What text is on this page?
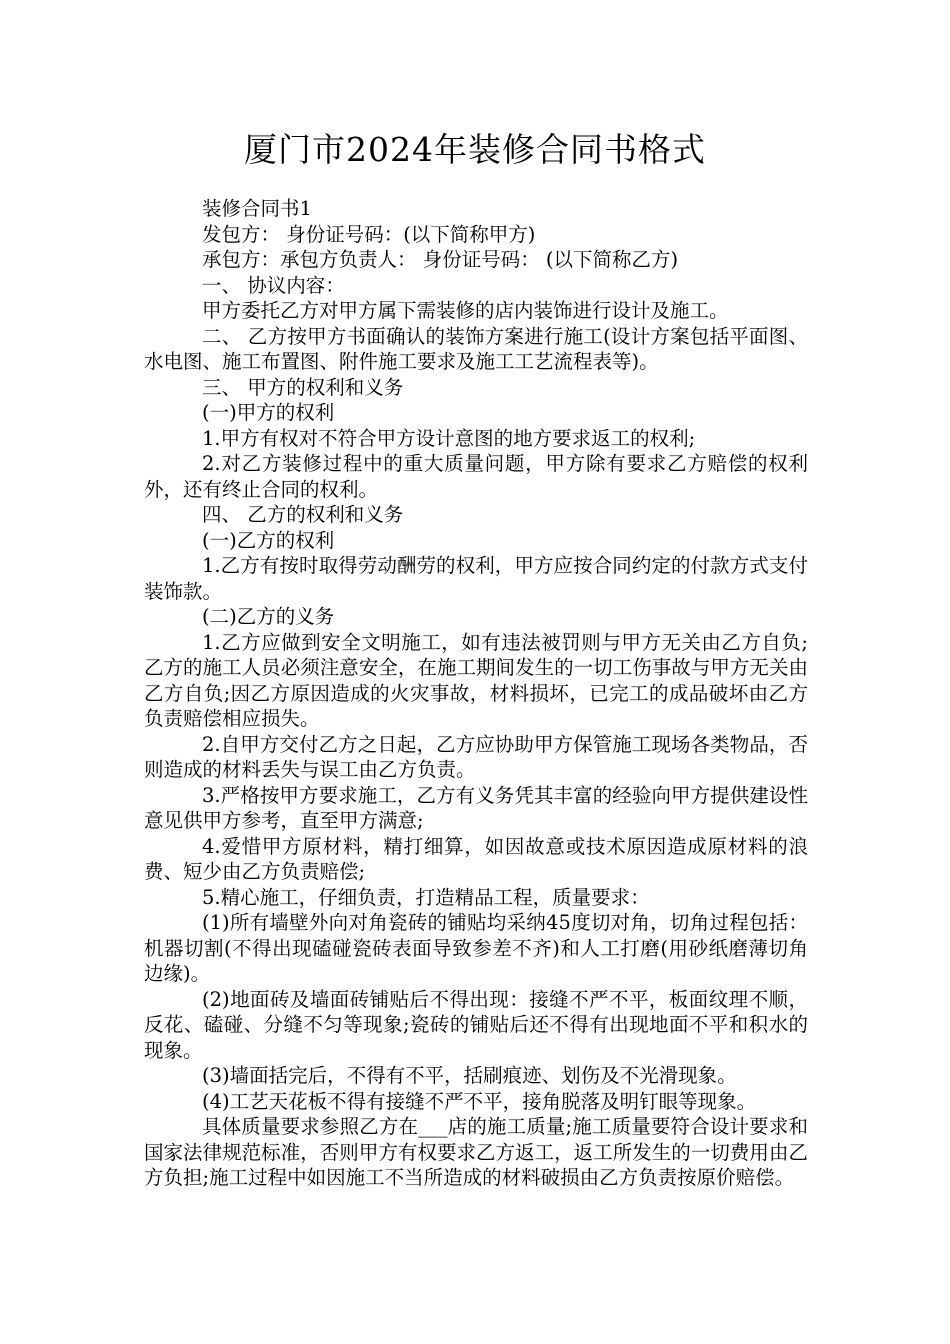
厦门市2024年装修合同书格式

装修合同书1

发包方： 身份证号码：(以下简称甲方)

承包方：承包方负责人： 身份证号码： (以下简称乙方)

一、 协议内容：

甲方委托乙方对甲方属下需装修的店内装饰进行设计及施工。

二、 乙方按甲方书面确认的装饰方案进行施工(设计方案包括平面图、水电图、施工布置图、附件施工要求及施工工艺流程表等)。

三、 甲方的权利和义务

(一)甲方的权利

1.甲方有权对不符合甲方设计意图的地方要求返工的权利;

2.对乙方装修过程中的重大质量问题，甲方除有要求乙方赔偿的权利外，还有终止合同的权利。

四、 乙方的权利和义务

(一)乙方的权利

1.乙方有按时取得劳动酬劳的权利，甲方应按合同约定的付款方式支付装饰款。

(二)乙方的义务

1.乙方应做到安全文明施工，如有违法被罚则与甲方无关由乙方自负;乙方的施工人员必须注意安全，在施工期间发生的一切工伤事故与甲方无关由乙方自负;因乙方原因造成的火灾事故，材料损坏，已完工的成品破坏由乙方负责赔偿相应损失。

2.自甲方交付乙方之日起，乙方应协助甲方保管施工现场各类物品，否则造成的材料丢失与误工由乙方负责。

3.严格按甲方要求施工，乙方有义务凭其丰富的经验向甲方提供建设性意见供甲方参考，直至甲方满意;

4.爱惜甲方原材料，精打细算，如因故意或技术原因造成原材料的浪费、短少由乙方负责赔偿;

5.精心施工，仔细负责，打造精品工程，质量要求：

(1)所有墙壁外向对角瓷砖的铺贴均采纳45度切对角，切角过程包括：机器切割(不得出现磕碰瓷砖表面导致参差不齐)和人工打磨(用砂纸磨薄切角边缘)。

(2)地面砖及墙面砖铺贴后不得出现：接缝不严不平，板面纹理不顺，反花、磕碰、分缝不匀等现象;瓷砖的铺贴后还不得有出现地面不平和积水的现象。

(3)墙面括完后，不得有不平，括刷痕迹、划伤及不光滑现象。

(4)工艺天花板不得有接缝不严不平，接角脱落及明钉眼等现象。

具体质量要求参照乙方在___店的施工质量;施工质量要符合设计要求和国家法律规范标准，否则甲方有权要求乙方返工，返工所发生的一切费用由乙方负担;施工过程中如因施工不当所造成的材料破损由乙方负责按原价赔偿。
